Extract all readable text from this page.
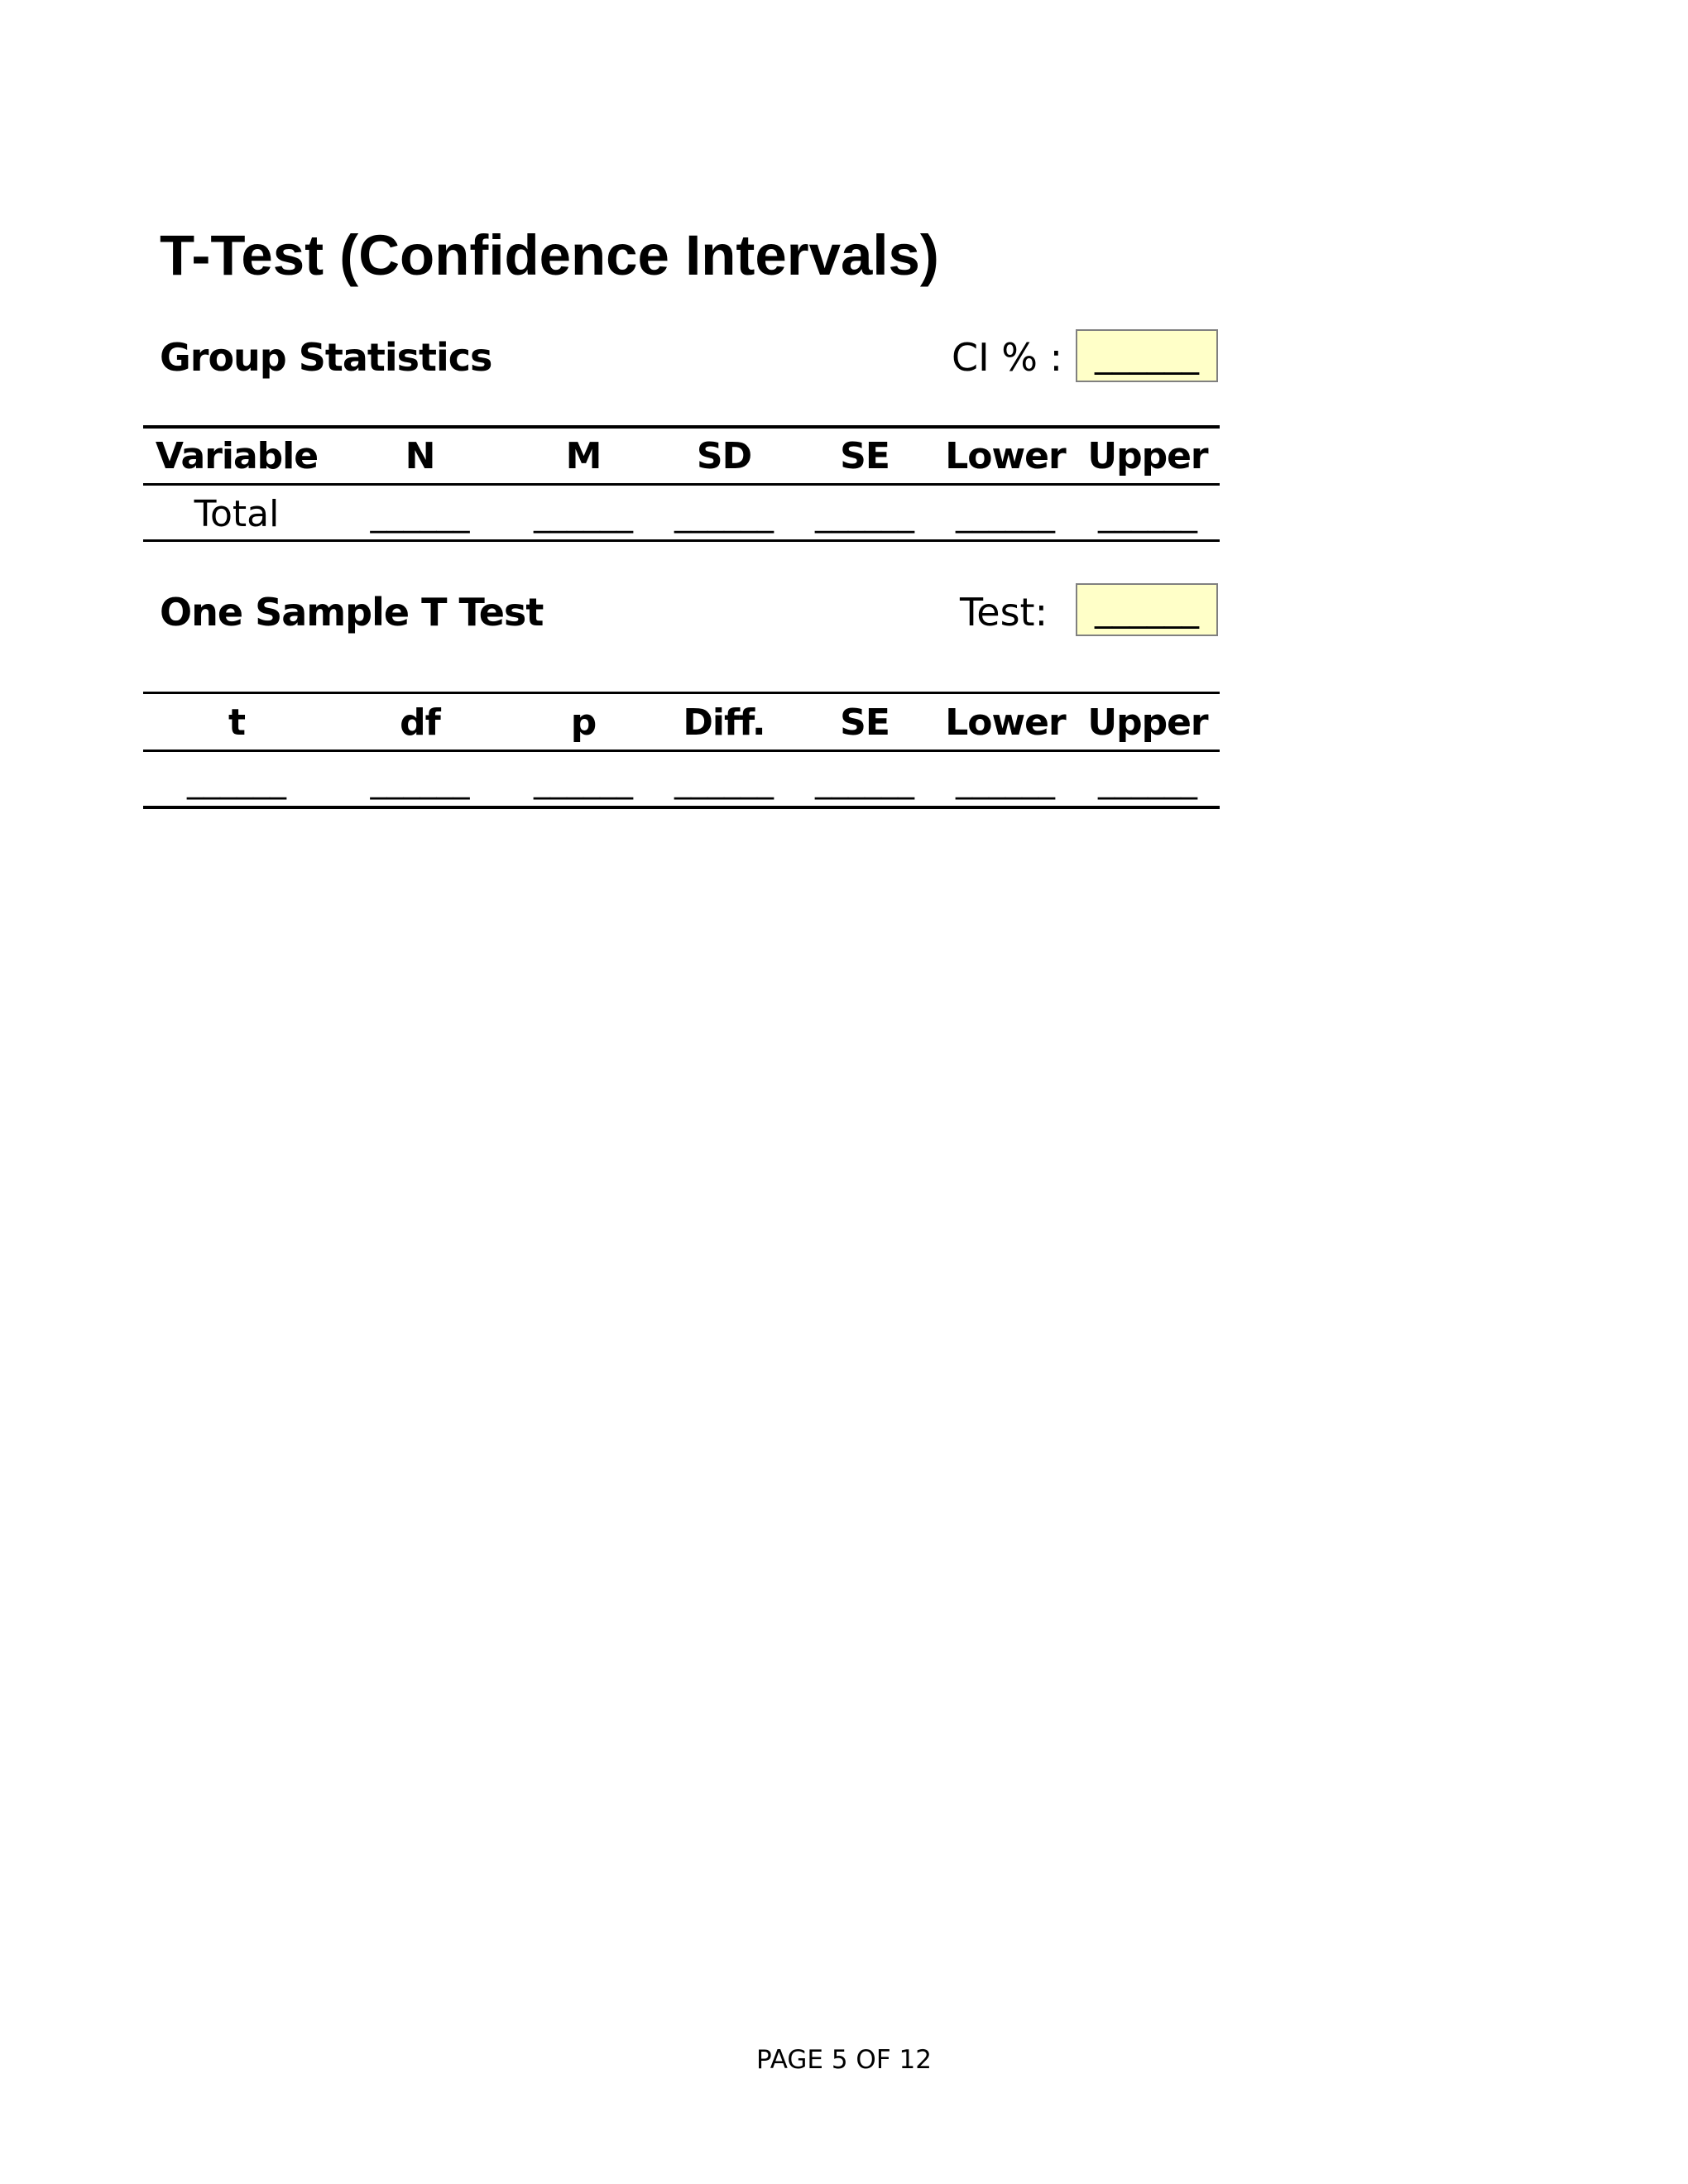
T-Test (Confidence Intervals)
Group Statistics	CI % : ______
Variable	N	M	SD	SE	Lower Upper
Total	______	______	______	______	______	______
One Sample T Test	Test:	______
t	df	p	Diff.	SE	Lower Upper
______	______	______	______	______	______	______
PAGE 5 OF 12
